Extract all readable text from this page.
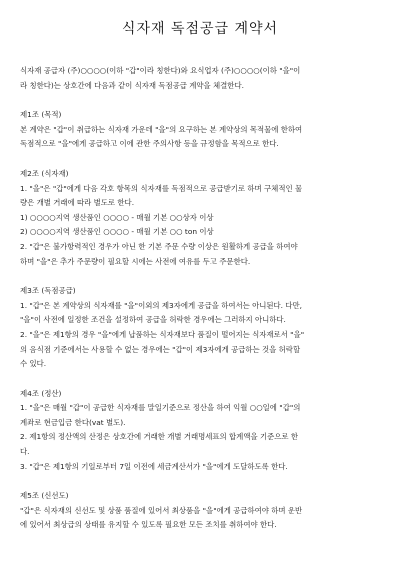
식자재 독점공급 계약서

식자재 공급자 (주)○○○○(이하 "갑"이라 칭한다)와 요식업자 (주)○○○○(이하 "을"이

라 칭한다)는 상호간에 다음과 같이 식자재 독점공급 계약을 체결한다.

제1조 (목적)

본 계약은 "갑"이 취급하는 식자재 가운데 "을"의 요구하는 본 계약상의 목적물에 한하여

독점적으로 "을"에게 공급하고 이에 관한 주의사항 등을 규정함을 목적으로 한다.

제2조 (식자재)

1. "을"은 "갑"에게 다음 각호 항목의 식자재를 독점적으로 공급받기로 하며 구체적인 물

량은 개별 거래에 따라 별도로 한다.

1) ○○○○지역 생산품인 ○○○○ - 매월 기본 ○○상자 이상

2) ○○○○지역 생산품인 ○○○○ - 매월 기본 ○○ ton 이상

2. "갑"은 불가항력적인 경우가 아닌 한 기본 주문 수량 이상은 원활하게 공급을 하여야

하며 "을"은 추가 주문량이 필요할 시에는 사전에 여유를 두고 주문한다.

제3조 (독점공급)

1. "갑"은 본 계약상의 식자재를 "을"이외의 제3자에게 공급을 하여서는 아니된다. 다만,

"을"이 사전에 일정한 조건을 설정하여 공급을 허락한 경우에는 그러하지 아니하다.

2. "을"은 제1항의 경우 "을"에게 납품하는 식자재보다 품질이 떨어지는 식자재로서 "을"

의 음식점 기준에서는 사용할 수 없는 경우에는 "갑"이 제3자에게 공급하는 것을 허락할

수 있다.

제4조 (정산)

1. "을"은 매월 "갑"이 공급한 식자재를 말일기준으로 정산을 하여 익월 ○○일에 "갑"의

계좌로 현금입금 한다(vat 별도).

2. 제1항의 정산액의 산정은 상호간에 거래한 개별 거래명세표의 합계액을 기준으로 한

다.

3. "갑"은 제1항의 기일로부터 7일 이전에 세금계산서가 "을"에게 도달하도록 한다.

제5조 (신선도)

"갑"은 식자재의 신선도 및 상품 품질에 있어서 최상품을 "을"에게 공급하여야 하며 운반

에 있어서 최상급의 상태를 유지할 수 있도록 필요한 모든 조치를 취하여야 한다.
